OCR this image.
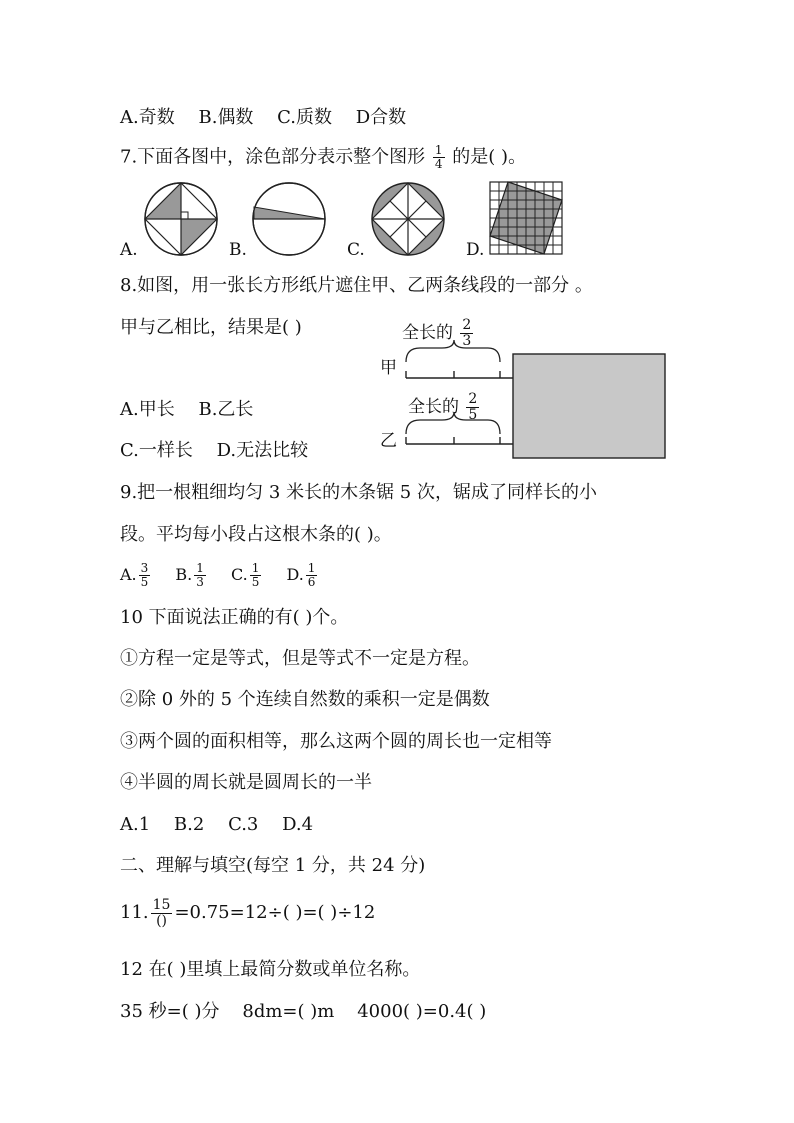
A.奇数 B.偶数 C.质数 D合数
7.下面各图中，涂色部分表示整个图形 $\frac{1}{4}$ 的是( )。
A.	B.	C.	D.
8.如图，用一张长方形纸片遮住甲、乙两条线段的一部分 。
甲与乙相比，结果是( )	全长的 $\frac{2}{3}$
甲
全长的 $\frac{2}{5}$
乙
A.甲长 B.乙长
C.一样长 D.无法比较
9.把一根粗细均匀 3 米长的木条锯 5 次，锯成了同样长的小
段。平均每小段占这根木条的( )。
A. $\frac{3}{5} B$. $\frac{1}{3} C$. $\frac{1}{5} D$. $\frac{1}{6}$
10 下面说法正确的有( )个。
①方程一定是等式，但是等式不一定是方程。
②除 0 外的 5 个连续自然数的乘积一定是偶数
③两个圆的面积相等，那么这两个圆的周长也一定相等
④半圆的周长就是圆周长的一半
A.1 B.2 C.3 D.4
二、理解与填空(每空 1 分，共 24 分)
11. $\frac{15}{()} =0.75=12\div$( )=( )÷12
12 在( )里填上最简分数或单位名称。
35 秒=( )分    8dm=( )m    4000( )=0.4( )
